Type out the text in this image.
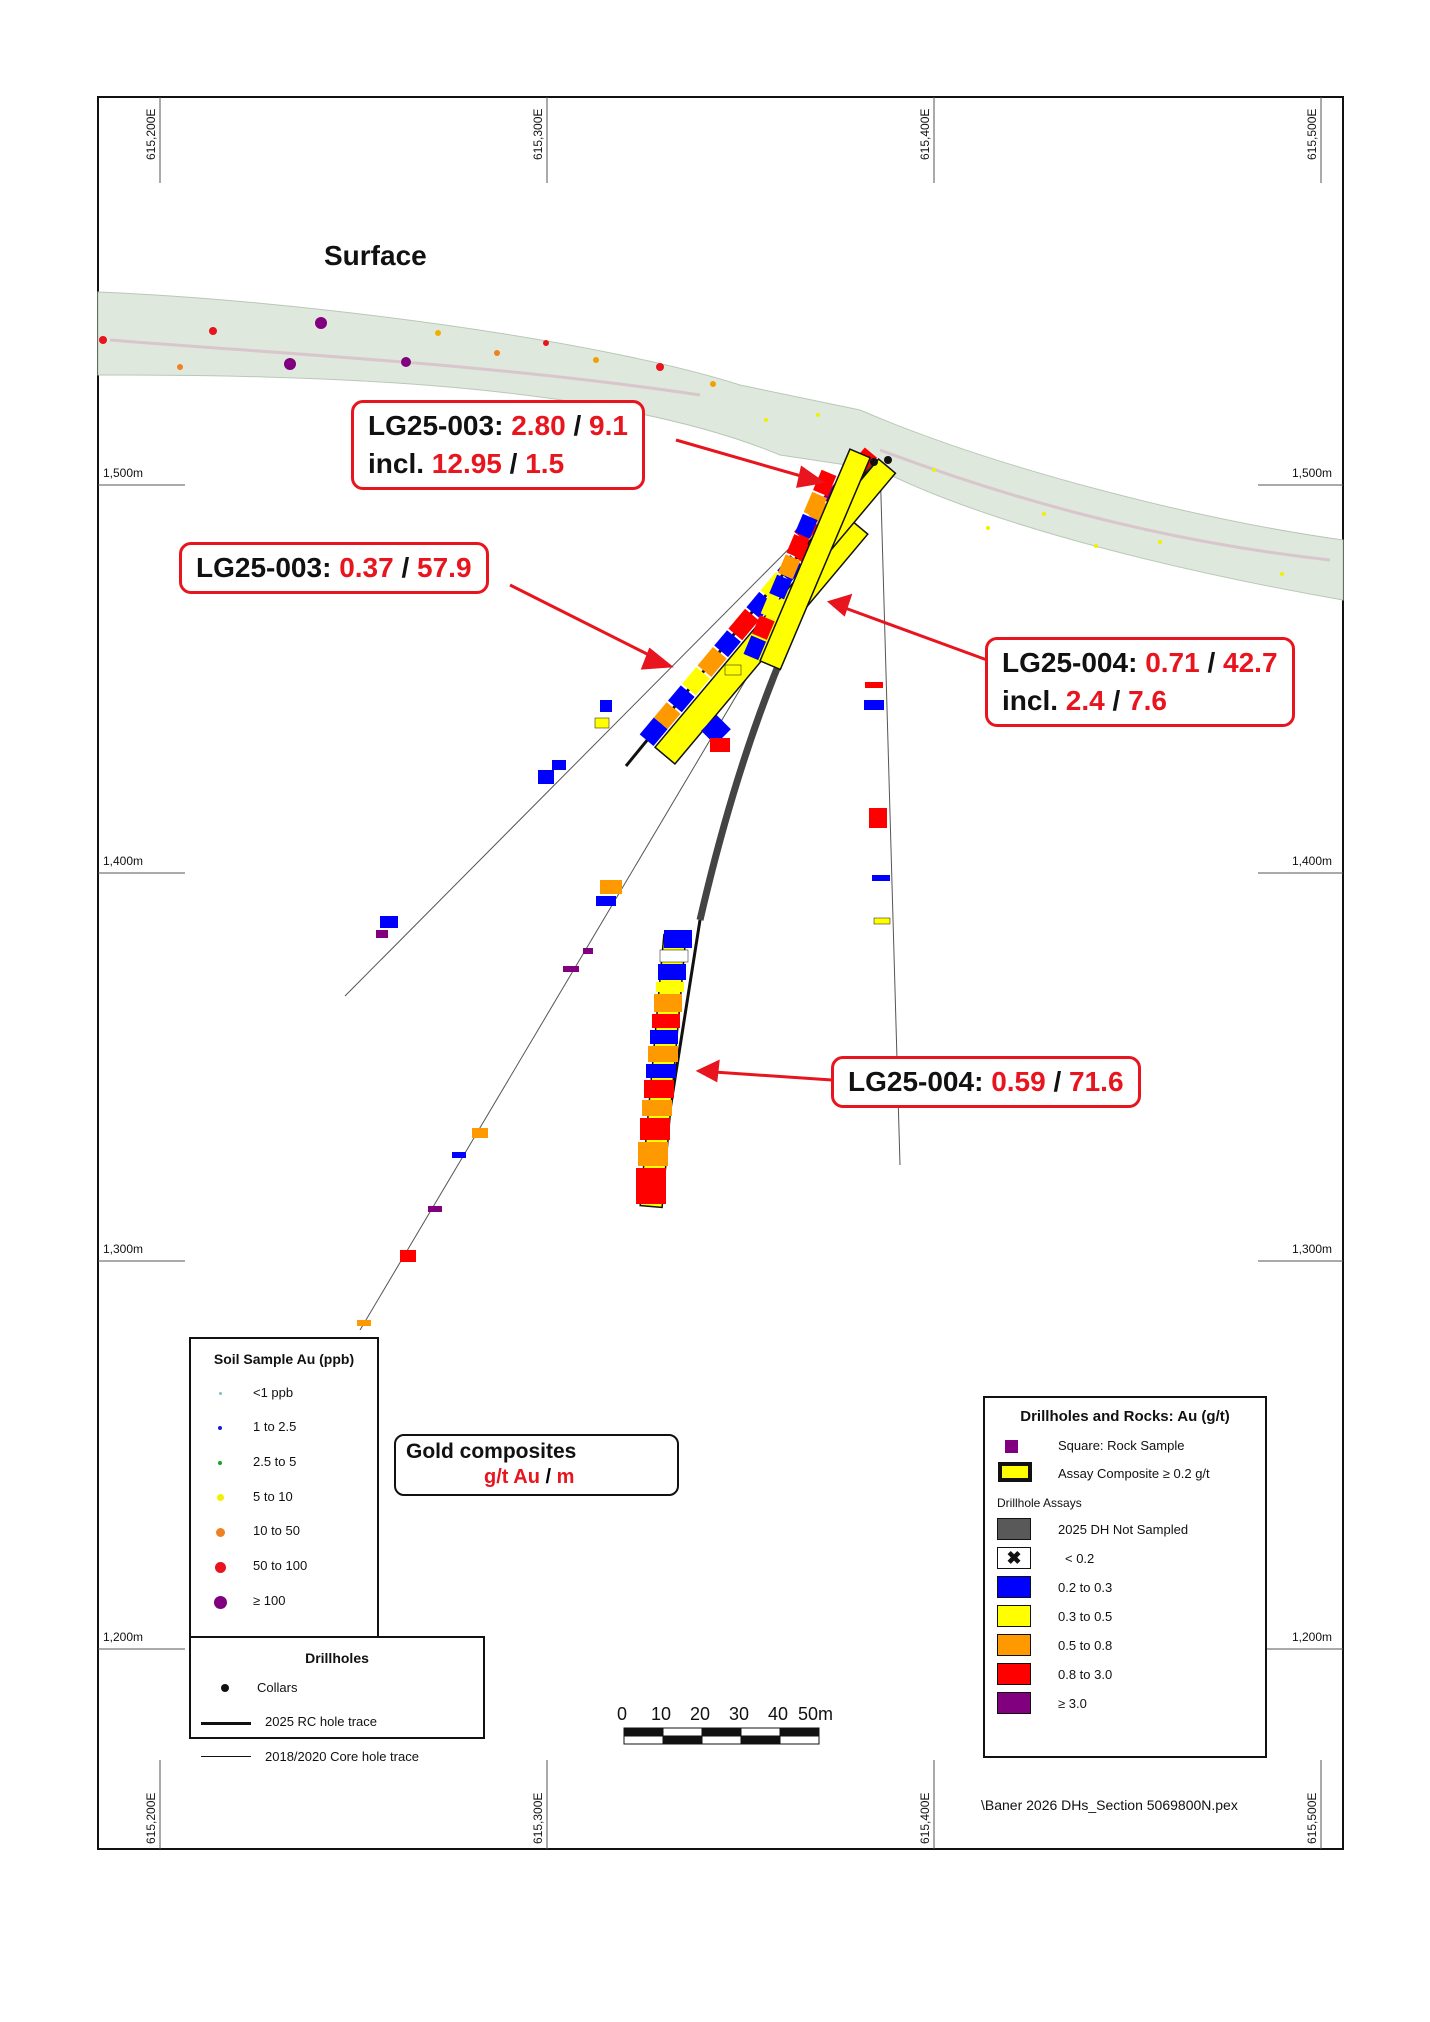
Surface
1,500m	1,500m
1,400m	1,400m
1,300m	1,300m
1,200m	1,200m
615,200E	615,300E	615,400E	615,500E
615,200E	615,300E	615,400E	615,500E
LG25-003: 2.80 / 9.1
incl. 12.95 / 1.5
LG25-003: 0.37 / 57.9
LG25-004: 0.71 / 42.7
incl. 2.4 / 7.6
LG25-004: 0.59 / 71.6
Soil Sample Au (ppb)
<1 ppb
1 to 2.5
2.5 to 5
5 to 10
10 to 50
50 to 100
≥ 100
Drillholes
Collars
2025 RC hole trace
2018/2020 Core hole trace
Gold composites
g/t Au / m
0 10 20 30 40 50m
Drillholes and Rocks: Au (g/t)
Square: Rock Sample
Assay Composite ≥ 0.2 g/t
Drillhole Assays
2025 DH Not Sampled
✖	< 0.2
0.2 to 0.3
0.3 to 0.5
0.5 to 0.8
0.8 to 3.0
≥ 3.0
\Baner 2026 DHs_Section 5069800N.pex
